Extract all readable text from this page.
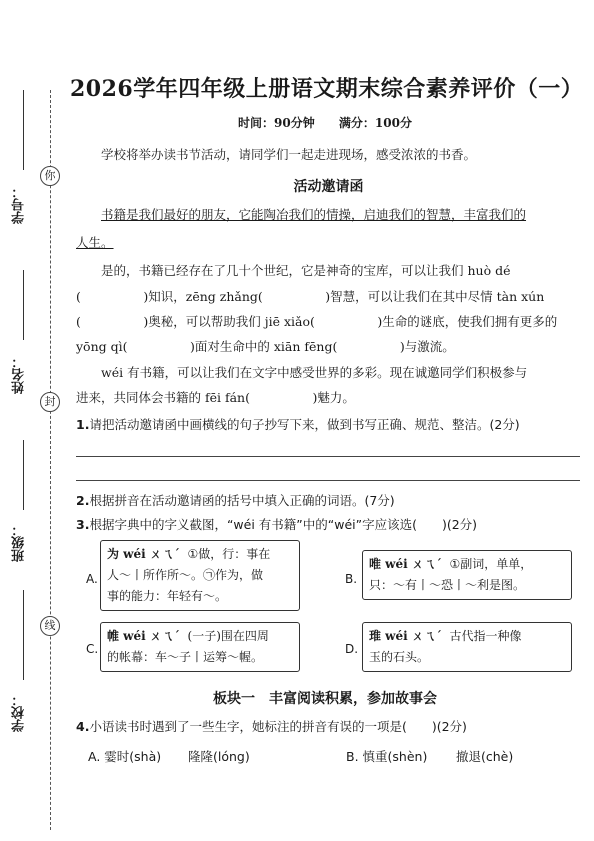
学号：
姓名：
班级：
学校：
你
封
线
2026学年四年级上册语文期末综合素养评价（一）
时间：90分钟 满分：100分
学校将举办读书节活动，请同学们一起走进现场，感受浓浓的书香。
活动邀请函
书籍是我们最好的朋友，它能陶冶我们的情操，启迪我们的智慧，丰富我们的
人生。
是的，书籍已经存在了几十个世纪，它是神奇的宝库，可以让我们 huò dé
(　　　　　)知识，zēng zhǎng(　　　　　)智慧，可以让我们在其中尽情 tàn xún
(　　　　　)奥秘，可以帮助我们 jiē xiǎo(　　　　　)生命的谜底，使我们拥有更多的
yōng qì(　　　　　)面对生命中的 xiān fēng(　　　　　)与激流。
wéi 有书籍，可以让我们在文字中感受世界的多彩。现在诚邀同学们积极参与
进来，共同体会书籍的 fēi fán(　　　　　)魅力。
1.请把活动邀请函中画横线的句子抄写下来，做到书写正确、规范、整洁。(2分)
2.根据拼音在活动邀请函的括号中填入正确的词语。(7分)
3.根据字典中的字义截图，“wéi 有书籍”中的“wéi”字应该选(　　)(2分)
A.
为 wéi ㄨㄟˊ ①做，行：事在
人～丨所作所～。㉠作为，做
事的能力：年轻有～。
B.
唯 wéi ㄨㄟˊ ①副词，单单，
只：～有丨～恐丨～利是图。
C.
帷 wéi ㄨㄟˊ (一子)围在四周
的帐幕：车～子丨运筹～幄。
D.
琟 wéi ㄨㄟˊ 古代指一种像
玉的石头。
板块一　丰富阅读积累，参加故事会
4.小语读书时遇到了一些生字，她标注的拼音有误的一项是(　　)(2分)
A. 霎时(shà) 隆隆(lóng)	B. 慎重(shèn) 撤退(chè)
